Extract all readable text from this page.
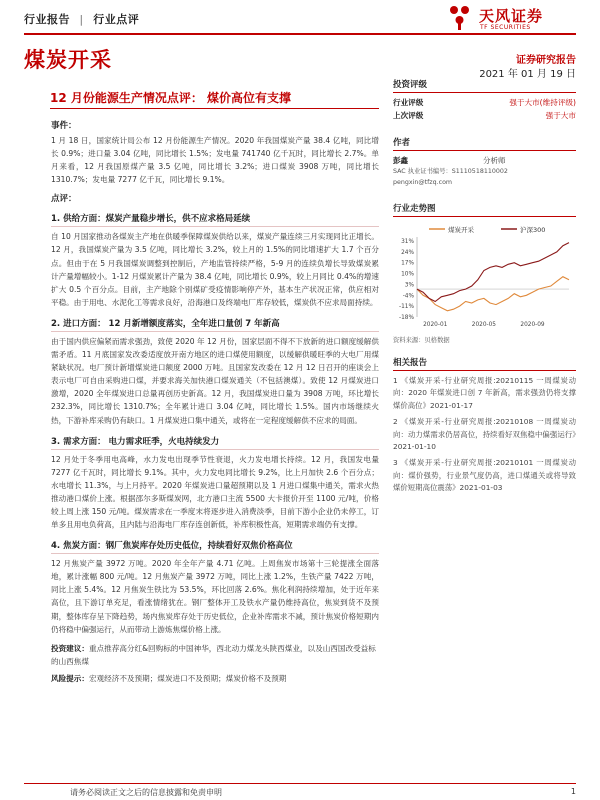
行业报告 | 行业点评	天风证券
TF SECURITIES
煤炭开采	证券研究报告
2021 年 01 月 19 日
12 月份能源生产情况点评： 煤价高位有支撑
事件：
1 月 18 日，国家统计局公布 12 月份能源生产情况。2020 年我国煤炭产量 38.4 亿吨，同比增长 0.9%；进口量 3.04 亿吨，同比增长 1.5%；发电量 741740 亿千瓦时，同比增长 2.7%。单月来看，12 月我国原煤产量 3.5 亿吨，同比增长 3.2%；进口煤炭 3908 万吨，同比增长 1310.7%；发电量 7277 亿千瓦，同比增长 9.1%。
点评：
1. 供给方面：煤炭产量稳步增长，供不应求格局延续
自 10 月国家推动各煤炭主产地在供暖季保障煤炭供给以来，煤炭产量连续三月实现同比正增长。12 月，我国煤炭产量为 3.5 亿吨，同比增长 3.2%，较上月的 1.5%的同比增速扩大 1.7 个百分点。但由于在 5 月我国煤炭调整到控制后，产地监管持续严格，5-9 月的连续负增长导致煤炭累计产量增幅较小。1-12 月煤炭累计产量为 38.4 亿吨，同比增长 0.9%，较上月同比 0.4%的增速扩大 0.5 个百分点。目前，主产地除个别煤矿受疫情影响停产外，基本生产状况正常，供应相对平稳。由于用电、水泥化工等需求良好，沿海港口及终端电厂库存较低，煤炭供不应求局面持续。
2. 进口方面： 12 月新增额度落实，全年进口量创 7 年新高
由于国内供应偏紧而需求强劲，致使 2020 年 12 月份，国家层面不得不下放新的进口额度缓解供需矛盾。11 月底国家发改委适度放开南方地区的进口煤使用额度，以缓解供暖旺季的大电厂用煤紧缺状况。电厂预计新增煤炭进口额度 2000 万吨。且国家发改委在 12 月 12 日召开的座谈会上表示电厂可自由采购进口煤，并要求海关加快港口煤炭通关（不包括澳煤）。致使 12 月煤炭进口激增，2020 全年煤炭进口总量再创历史新高。12 月，我国煤炭进口量为 3908 万吨，环比增长 232.3%，同比增长 1310.7%；全年累计进口 3.04 亿吨，同比增长 1.5%。国内市场继续火热，下游补库采购仍有缺口。1 月煤炭进口集中通关，或将在一定程度缓解供不应求的局面。
3. 需求方面： 电力需求旺季，火电持续发力
12 月处于冬季用电高峰，水力发电出现季节性衰退，火力发电增长持续。12 月，我国发电量 7277 亿千瓦时，同比增长 9.1%。其中，火力发电同比增长 9.2%，比上月加快 2.6 个百分点；水电增长 11.3%，与上月持平。2020 年煤炭进口量超预期以及 1 月进口煤集中通关，需求火热推动港口煤价上涨。根据邵尔多斯煤炭网，北方港口主流 5500 大卡报价开至 1100 元/吨，价格较上周上涨 150 元/吨。煤炭需求在一季度末将逐步进入消费淡季，目前下游小企业仍未停工，订单多且用电负荷高，且内陆与沿海电厂库存连创新低，补库积极性高，短期需求端仍有支撑。
4. 焦炭方面：钢厂焦炭库存处历史低位，持续看好双焦价格高位
12 月焦炭产量 3972 万吨。2020 年全年产量 4.71 亿吨。上周焦炭市场第十三轮提涨全面落地，累计涨幅 800 元/吨。12 月焦炭产量 3972 万吨，同比上涨 1.2%，生铁产量 7422 万吨，同比上涨 5.4%。12 月焦炭生铁比为 53.5%，环比回落 2.6%。焦化利润持续增加，处于近年来高位，且下游订单充足，看涨情绪犹在。钢厂整体开工及铁水产量仍维持高位，焦炭到货不及预期，整体库存呈下降趋势，场内焦炭库存处于历史低位，企业补库需求不减，预计焦炭价格短期内仍将稳中偏强运行，从而带动上游炼焦煤价格上涨。
投资建议：重点推荐高分红&回购标的中国神华，西北动力煤龙头陕西煤业，以及山西国改受益标的山西焦煤
风险提示：宏观经济不及预期；煤炭进口不及预期；煤炭价格不及预期
投资评级
行业评级	强于大市(维持评级)
上次评级	强于大市
作者
彭鑫	分析师
SAC 执业证书编号：S1110518110002
pengxin@tfzq.com
行业走势图
煤炭开采	沪深300
31%
24%
17%
10%
3%
-4%
-11%
-18%
2020-01	2020-05	2020-09
资料来源：贝格数据
相关报告
1 《煤炭开采-行业研究周报:20210115 一周煤炭动向：2020 年煤炭进口创 7 年新高，需求强劲仍将支撑煤价高位》2021-01-17
2 《煤炭开采-行业研究周报:20210108 一周煤炭动向：动力煤需求仍居高位，持续看好双焦稳中偏强运行》2021-01-10
3 《煤炭开采-行业研究周报:20210101 一周煤炭动向：煤价强势，行业景气度仍高，进口煤通关或将导致煤价短期高位震荡》2021-01-03
请务必阅读正文之后的信息披露和免责申明	1
